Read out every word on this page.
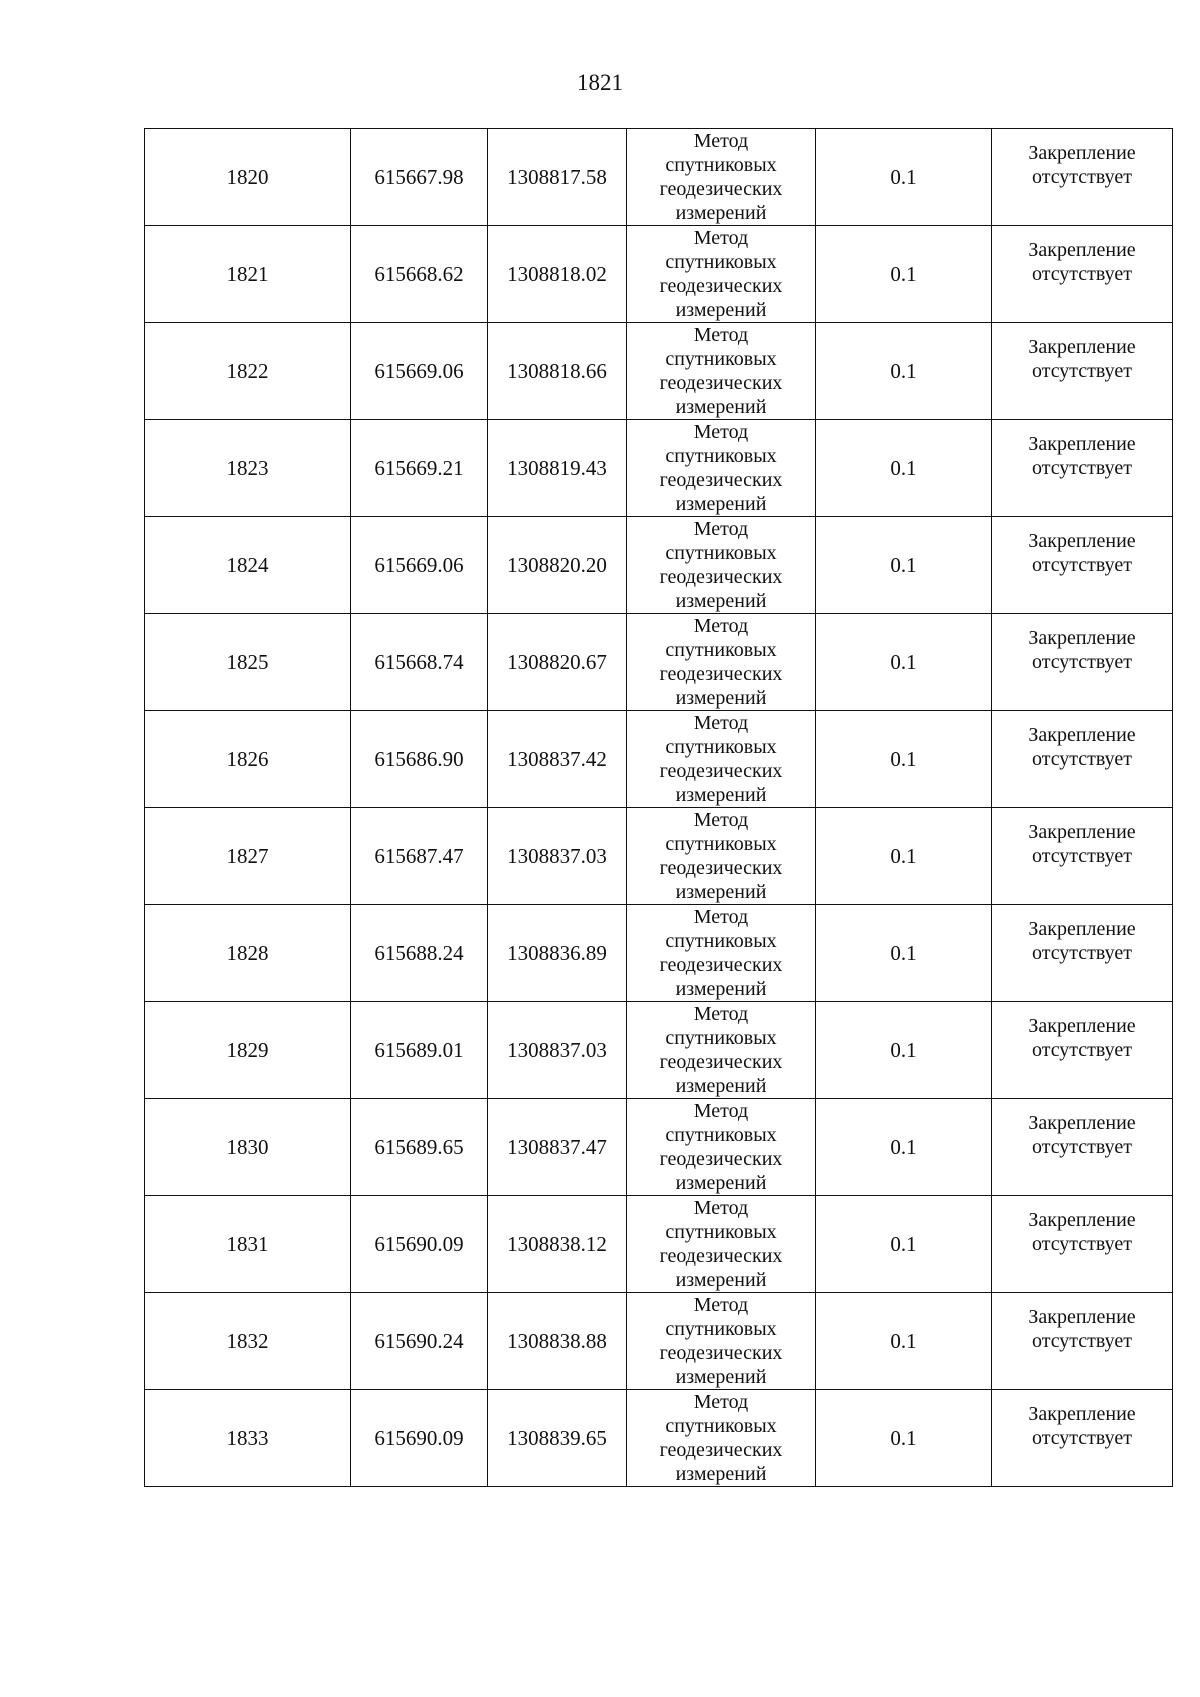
1821
1820	615667.98	1308817.58	Метод
спутниковых
геодезических
измерений	0.1	Закрепление
отсутствует

1821	615668.62	1308818.02	Метод
спутниковых
геодезических
измерений	0.1	Закрепление
отсутствует

1822	615669.06	1308818.66	Метод
спутниковых
геодезических
измерений	0.1	Закрепление
отсутствует

1823	615669.21	1308819.43	Метод
спутниковых
геодезических
измерений	0.1	Закрепление
отсутствует

1824	615669.06	1308820.20	Метод
спутниковых
геодезических
измерений	0.1	Закрепление
отсутствует

1825	615668.74	1308820.67	Метод
спутниковых
геодезических
измерений	0.1	Закрепление
отсутствует

1826	615686.90	1308837.42	Метод
спутниковых
геодезических
измерений	0.1	Закрепление
отсутствует

1827	615687.47	1308837.03	Метод
спутниковых
геодезических
измерений	0.1	Закрепление
отсутствует

1828	615688.24	1308836.89	Метод
спутниковых
геодезических
измерений	0.1	Закрепление
отсутствует

1829	615689.01	1308837.03	Метод
спутниковых
геодезических
измерений	0.1	Закрепление
отсутствует

1830	615689.65	1308837.47	Метод
спутниковых
геодезических
измерений	0.1	Закрепление
отсутствует

1831	615690.09	1308838.12	Метод
спутниковых
геодезических
измерений	0.1	Закрепление
отсутствует

1832	615690.24	1308838.88	Метод
спутниковых
геодезических
измерений	0.1	Закрепление
отсутствует

1833	615690.09	1308839.65	Метод
спутниковых
геодезических
измерений	0.1	Закрепление
отсутствует
